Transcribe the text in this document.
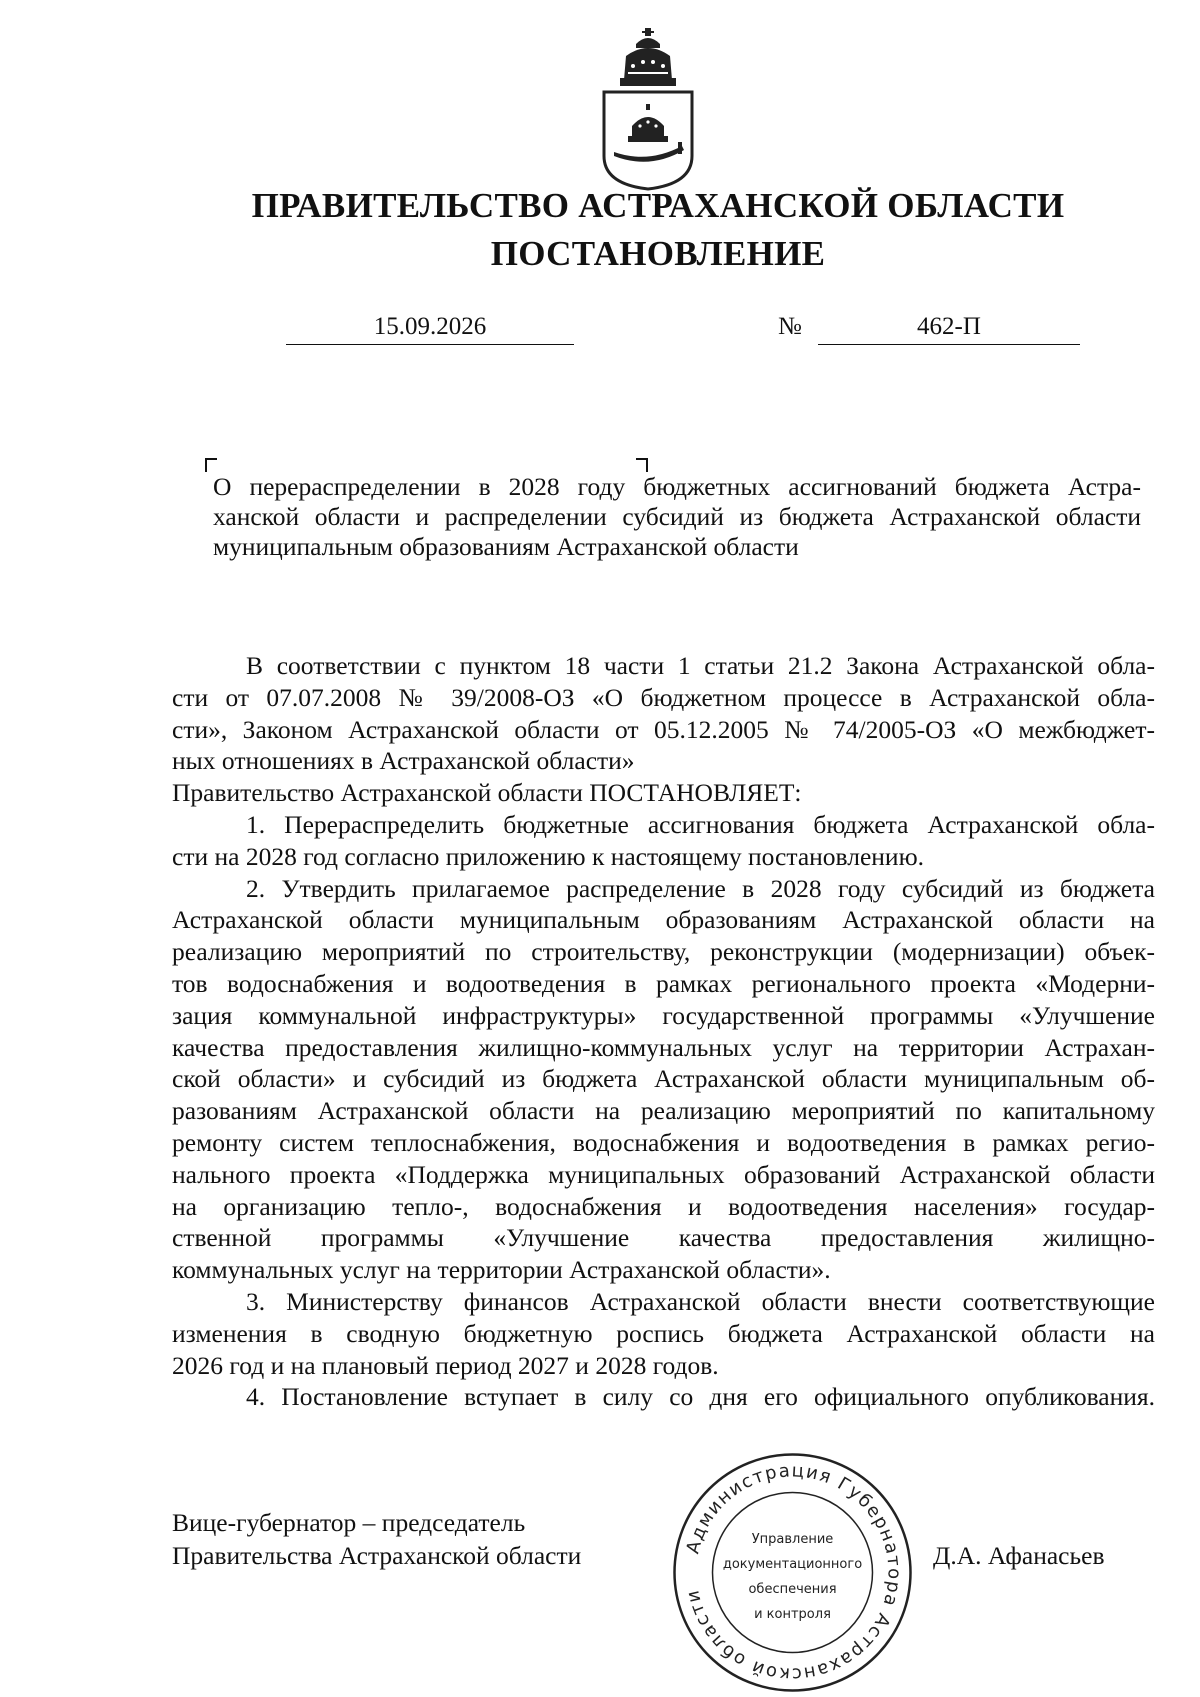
ПРАВИТЕЛЬСТВО АСТРАХАНСКОЙ ОБЛАСТИ
ПОСТАНОВЛЕНИЕ
15.09.2026	№	462-П
О перераспределении в 2028 году бюджетных ассигнований бюджета Астра-
ханской области и распределении субсидий из бюджета Астраханской области
муниципальным образованиям Астраханской области
В соответствии с пунктом 18 части 1 статьи 21.2 Закона Астраханской обла-
сти от 07.07.2008 № 39/2008-ОЗ «О бюджетном процессе в Астраханской обла-
сти», Законом Астраханской области от 05.12.2005 № 74/2005-ОЗ «О межбюджет-
ных отношениях в Астраханской области»
Правительство Астраханской области ПОСТАНОВЛЯЕТ:
1. Перераспределить бюджетные ассигнования бюджета Астраханской обла-
сти на 2028 год согласно приложению к настоящему постановлению.
2. Утвердить прилагаемое распределение в 2028 году субсидий из бюджета
Астраханской области муниципальным образованиям Астраханской области на
реализацию мероприятий по строительству, реконструкции (модернизации) объек-
тов водоснабжения и водоотведения в рамках регионального проекта «Модерни-
зация коммунальной инфраструктуры» государственной программы «Улучшение
качества предоставления жилищно-коммунальных услуг на территории Астрахан-
ской области» и субсидий из бюджета Астраханской области муниципальным об-
разованиям Астраханской области на реализацию мероприятий по капитальному
ремонту систем теплоснабжения, водоснабжения и водоотведения в рамках регио-
нального проекта «Поддержка муниципальных образований Астраханской области
на организацию тепло-, водоснабжения и водоотведения населения» государ-
ственной программы «Улучшение качества предоставления жилищно-
коммунальных услуг на территории Астраханской области».
3. Министерству финансов Астраханской области внести соответствующие
изменения в сводную бюджетную роспись бюджета Астраханской области на
2026 год и на плановый период 2027 и 2028 годов.
4. Постановление вступает в силу со дня его официального опубликования.
Вице-губернатор – председатель
Правительства Астраханской области	Д.А. Афанасьев
Администрация Губернатора Астраханской области
Управление
документационного
обеспечения
и контроля
